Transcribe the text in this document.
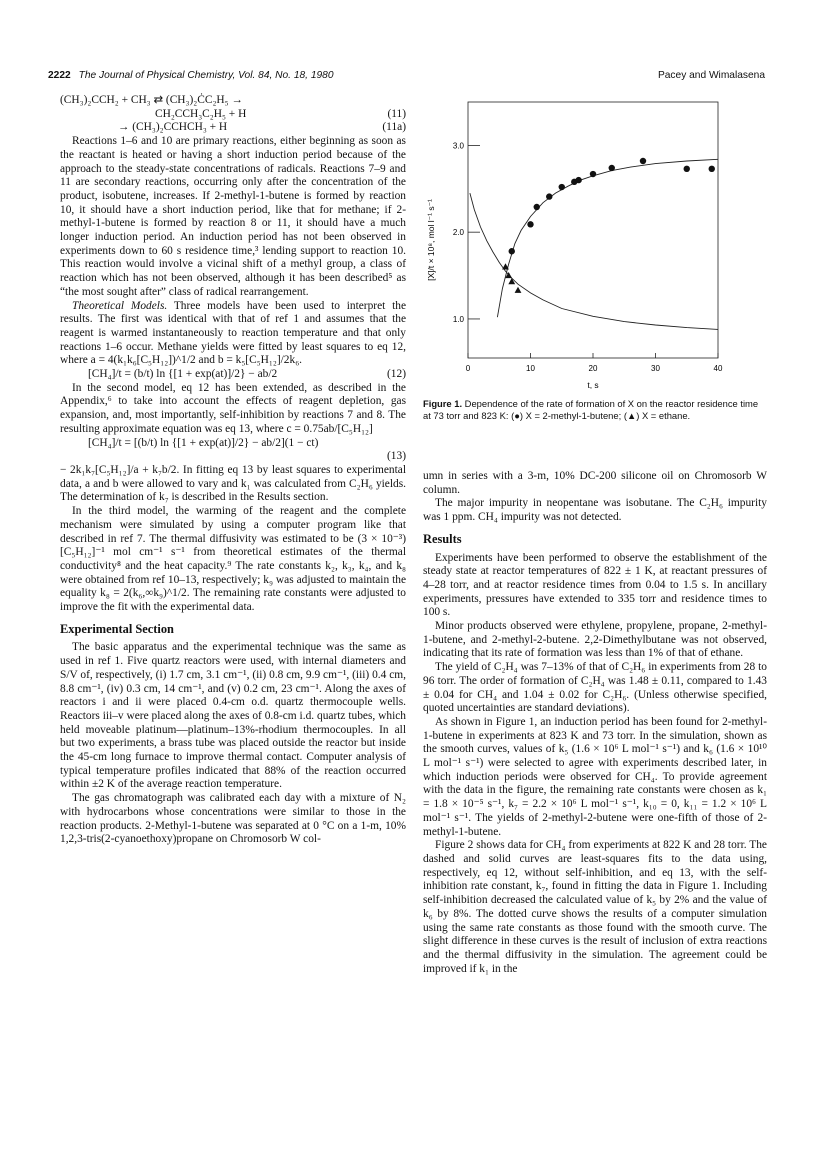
2222 The Journal of Physical Chemistry, Vol. 84, No. 18, 1980	Pacey and Wimalasena
(CH₃)₂CCH₂ + CH₃ ⇄ (CH₃)₂ĊC₂H₅ →
CH₂CCH₃C₂H₅ + H	(11)
→ (CH₃)₂CCHCH₃ + H	(11a)

Reactions 1–6 and 10 are primary reactions, either beginning as soon as the reactant is heated or having a short induction period because of the approach to the steady-state concentrations of radicals. Reactions 7–9 and 11 are secondary reactions, occurring only after the concentration of the product, isobutene, increases. If 2-methyl-1-butene is formed by reaction 10, it should have a short induction period, like that for methane; if 2-methyl-1-butene is formed by reaction 8 or 11, it should have a much longer induction period. An induction period has not been observed in experiments down to 60 s residence time,³ lending support to reaction 10. This reaction would involve a vicinal shift of a methyl group, a class of reaction which has not been observed, although it has been described⁵ as “the most sought after” class of radical rearrangement.

Theoretical Models. Three models have been used to interpret the results. The first was identical with that of ref 1 and assumes that the reagent is warmed instantaneously to reaction temperature and that only reactions 1–6 occur. Methane yields were fitted by least squares to eq 12, where a = 4(k₁k₆[C₅H₁₂])^1/2 and b = k₅[C₅H₁₂]/2k₆.

[CH₄]/t = (b/t) ln {[1 + exp(at)]/2} − ab/2	(12)

In the second model, eq 12 has been extended, as described in the Appendix,⁶ to take into account the effects of reagent depletion, gas expansion, and, most importantly, self-inhibition by reactions 7 and 8. The resulting approximate equation was eq 13, where c = 0.75ab/[C₅H₁₂]

[CH₄]/t = [(b/t) ln {[1 + exp(at)]/2} − ab/2](1 − ct)
(13)

− 2k₁k₇[C₅H₁₂]/a + k₇b/2. In fitting eq 13 by least squares to experimental data, a and b were allowed to vary and k₁ was calculated from C₂H₆ yields. The determination of k₇ is described in the Results section.

In the third model, the warming of the reagent and the complete mechanism were simulated by using a computer program like that described in ref 7. The thermal diffusivity was estimated to be (3 × 10⁻³)[C₅H₁₂]⁻¹ mol cm⁻¹ s⁻¹ from theoretical estimates of the thermal conductivity⁸ and the heat capacity.⁹ The rate constants k₂, k₃, k₄, and k₈ were obtained from ref 10–13, respectively; k₉ was adjusted to maintain the equality k₈ = 2(k₆,∞k₉)^1/2. The remaining rate constants were adjusted to improve the fit with the experimental data.

Experimental Section

The basic apparatus and the experimental technique was the same as used in ref 1. Five quartz reactors were used, with internal diameters and S/V of, respectively, (i) 1.7 cm, 3.1 cm⁻¹, (ii) 0.8 cm, 9.9 cm⁻¹, (iii) 0.4 cm, 8.8 cm⁻¹, (iv) 0.3 cm, 14 cm⁻¹, and (v) 0.2 cm, 23 cm⁻¹. Along the axes of reactors i and ii were placed 0.4-cm o.d. quartz thermocouple wells. Reactors iii–v were placed along the axes of 0.8-cm i.d. quartz tubes, which held moveable platinum—platinum–13%-rhodium thermocouples. In all but two experiments, a brass tube was placed outside the reactor but inside the 45-cm long furnace to improve thermal contact. Computer analysis of typical temperature profiles indicated that 88% of the reaction occurred within ±2 K of the average reaction temperature.

The gas chromatograph was calibrated each day with a mixture of N₂ with hydrocarbons whose concentrations were similar to those in the reaction products. 2-Methyl-1-butene was separated at 0 °C on a 1-m, 10% 1,2,3-tris(2-cyanoethoxy)propane on Chromosorb W col-

0	10	20	30	40
1.0
2.0
3.0
t, s
[X]/t × 10⁸, mol l⁻¹ s⁻¹
Figure 1. Dependence of the rate of formation of X on the reactor residence time at 73 torr and 823 K: (●) X = 2-methyl-1-butene; (▲) X = ethane.

umn in series with a 3-m, 10% DC-200 silicone oil on Chromosorb W column.

The major impurity in neopentane was isobutane. The C₂H₆ impurity was 1 ppm. CH₄ impurity was not detected.

Results

Experiments have been performed to observe the establishment of the steady state at reactor temperatures of 822 ± 1 K, at reactant pressures of 4–28 torr, and at reactor residence times from 0.04 to 1.5 s. In ancillary experiments, pressures have extended to 335 torr and residence times to 100 s.

Minor products observed were ethylene, propylene, propane, 2-methyl-1-butene, and 2-methyl-2-butene. 2,2-Dimethylbutane was not observed, indicating that its rate of formation was less than 1% of that of ethane.

The yield of C₂H₄ was 7–13% of that of C₂H₆ in experiments from 28 to 96 torr. The order of formation of C₂H₄ was 1.48 ± 0.11, compared to 1.43 ± 0.04 for CH₄ and 1.04 ± 0.02 for C₂H₆. (Unless otherwise specified, quoted uncertainties are standard deviations).

As shown in Figure 1, an induction period has been found for 2-methyl-1-butene in experiments at 823 K and 73 torr. In the simulation, shown as the smooth curves, values of k₅ (1.6 × 10⁶ L mol⁻¹ s⁻¹) and k₆ (1.6 × 10¹⁰ L mol⁻¹ s⁻¹) were selected to agree with experiments described later, in which induction periods were observed for CH₄. To provide agreement with the data in the figure, the remaining rate constants were chosen as k₁ = 1.8 × 10⁻⁵ s⁻¹, k₇ = 2.2 × 10⁶ L mol⁻¹ s⁻¹, k₁₀ = 0, k₁₁ = 1.2 × 10⁶ L mol⁻¹ s⁻¹. The yields of 2-methyl-2-butene were one-fifth of those of 2-methyl-1-butene.

Figure 2 shows data for CH₄ from experiments at 822 K and 28 torr. The dashed and solid curves are least-squares fits to the data using, respectively, eq 12, without self-inhibition, and eq 13, with the self-inhibition rate constant, k₇, found in fitting the data in Figure 1. Including self-inhibition decreased the calculated value of k₅ by 2% and the value of k₆ by 8%. The dotted curve shows the results of a computer simulation using the same rate constants as those found with the smooth curve. The slight difference in these curves is the result of inclusion of extra reactions and the thermal diffusivity in the simulation. The agreement could be improved if k₁ in the
